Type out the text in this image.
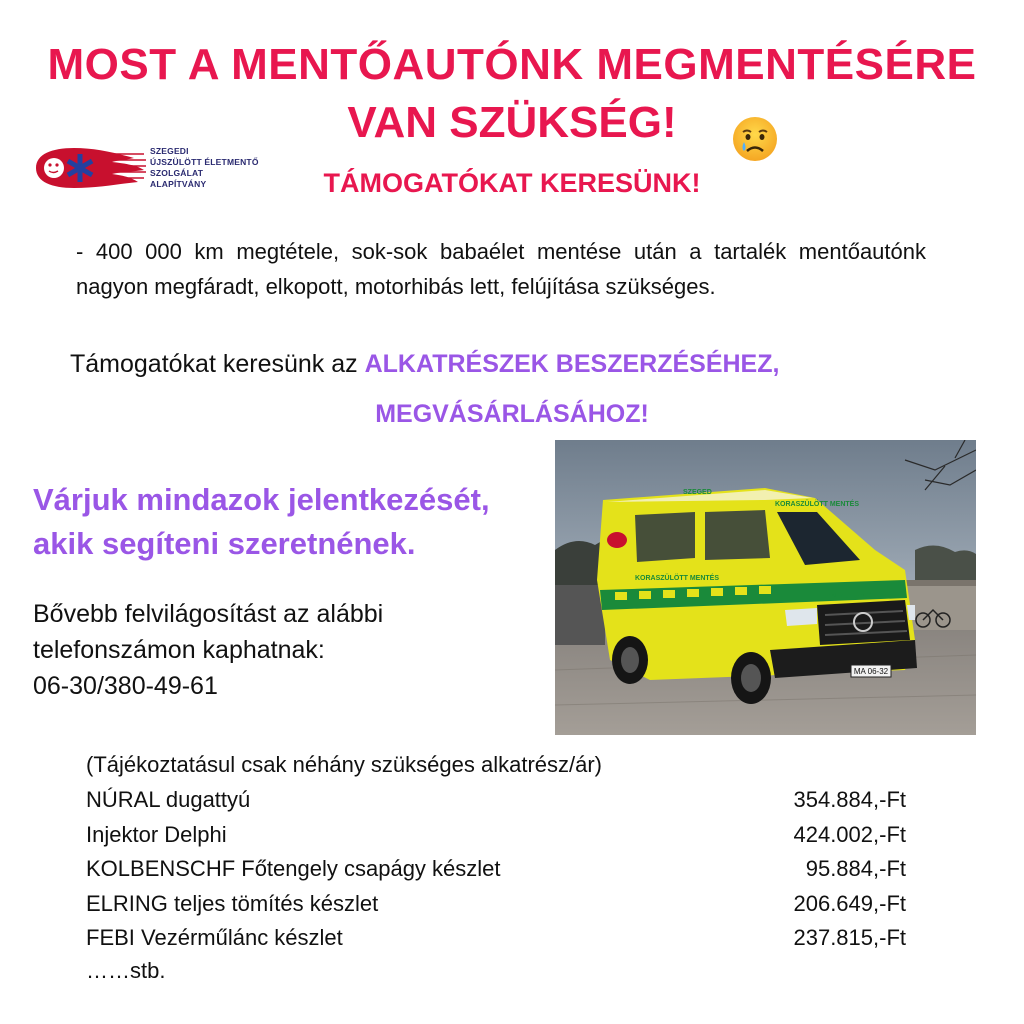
MOST A MENTŐAUTÓNK MEGMENTÉSÉRE
VAN SZÜKSÉG!
TÁMOGATÓKAT KERESÜNK!
SZEGEDI
ÚJSZÜLÖTT ÉLETMENTŐ
SZOLGÁLAT
ALAPÍTVÁNY

- 400 000 km megtétele, sok-sok babaélet mentése után a tartalék mentőautónk nagyon megfáradt, elkopott, motorhibás lett, felújítása szükséges.

Támogatókat keresünk az ALKATRÉSZEK BESZERZÉSÉHEZ,

MEGVÁSÁRLÁSÁHOZ!

Várjuk mindazok jelentkezését,
akik segíteni szeretnének.
Bővebb felvilágosítást az alábbi
telefonszámon kaphatnak:
06-30/380-49-61
MA 06-32
SZEGED
KORASZÜLÖTT MENTÉS
KORASZÜLÖTT MENTÉS
AMBULANCE

(Tájékoztatásul csak néhány szükséges alkatrész/ár)

NÚRAL dugattyú	354.884,-Ft
Injektor Delphi	424.002,-Ft
KOLBENSCHF Főtengely csapágy készlet	95.884,-Ft
ELRING teljes tömítés készlet	206.649,-Ft
FEBI Vezérműlánc készlet	237.815,-Ft

……stb.
